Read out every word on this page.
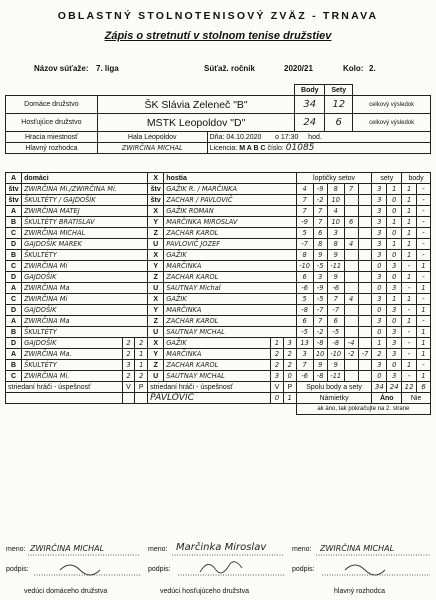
OBLASTNÝ STOLNOTENISOVÝ ZVÄZ - TRNAVA
Zápis o stretnutí v stolnom tenise družstiev
Názov súťaže: 7. liga	Súťaž. ročník	2020/21	Kolo: 2.
				Body	Sety	
Domáce družstvo	ŠK Slávia Zeleneč "B"			34	12	celkový výsledok
Hosťujúce družstvo	MSTK Leopoldov "D"			24	6	celkový výsledok
Hracia miestnosť	Hala Leopoldov		Dňa: 04.10.2020 o 17:30 hod.			
Hlavný rozhodca	ZWIRČINA MICHAL		Licencia: M A B C číslo: 01085			
A	domáci			X	hostia			loptičky setov					sety		body	
štv	ZWIRČINA Mi./ZWIRČINA Mi.			štv	GAŽIK R. / MARČINKA			4	-9	8	7		3	1	1	-
štv	ŠKULTÉTY / GAJDOŠÍK			štv	ZACHAR / PAVLOVIČ			7	-2	10			3	0	1	-
A	ZWIRČINA MATEJ			X	GAŽIK ROMAN			7	7	4			3	0	1	-
B	ŠKULTÉTY BRATISLAV			Y	MARČINKA MIROSLAV			-9	7	10	6		3	1	1	-
C	ZWIRČINA MICHAL			Z	ZACHAR KAROL			5	6	3			3	0	1	-
D	GAJDOŠÍK MAREK			U	PAVLOVIČ JOZEF			-7	8	8	4		3	1	1	-
B	ŠKULTÉTY			X	GAŽIK			8	9	9			3	0	1	-
C	ZWIRČINA Mi			Y	MARČINKA			-10	-5	-11			0	3	-	1
D	GAJDOŠÍK			Z	ZACHAR KAROL			6	3	9			3	0	1	-
A	ZWIRČINA Ma			U	SAUTNAY Michal			-6	-9	-6			0	3	-	1
C	ZWIRČINA Mi			X	GAŽIK			5	-5	7	4		3	1	1	-
D	GAJDOŠÍK			Y	MARČINKA			-8	-7	-7			0	3	-	1
A	ZWIRČINA Ma			Z	ZACHAR KAROL			6	7	6			3	0	1	-
B	ŠKULTÉTY			U	SAUTNAY MICHAL			-5	-2	-5			0	3	-	1
D	GAJDOŠÍK	2	2	X	GAŽIK	1	3	13	-8	-8	-4		1	3	-	1
A	ZWIRČINA Ma.	2	1	Y	MARČINKA	2	2	3	10	-10	-2	-7	2	3	-	1
B	ŠKULTÉTY	3	1	Z	ZACHAR KAROL	2	2	7	9	9			3	0	1	-
C	ZWIRČINA Mi.	2	2	U	SAUTNAY MICHAL	3	0	-6	-8	-11			0	3	-	1
striedaní hráči - úspešnosť		V	P	striedaní hráči - úspešnosť		V	P	Spolu body a sety					34	24	12	6
				PAVLOVIČ		0	1	Námietky					Áno		Nie	
								ak áno, tak pokračujte na 2. strane								
meno: ZWIRČINA MICHAL	meno: Marčinka Miroslav	meno: ZWIRČINA MICHAL
podpis:	podpis:	podpis:
vedúci domáceho družstva	vedúci hosťujúceho družstva	hlavný rozhodca
